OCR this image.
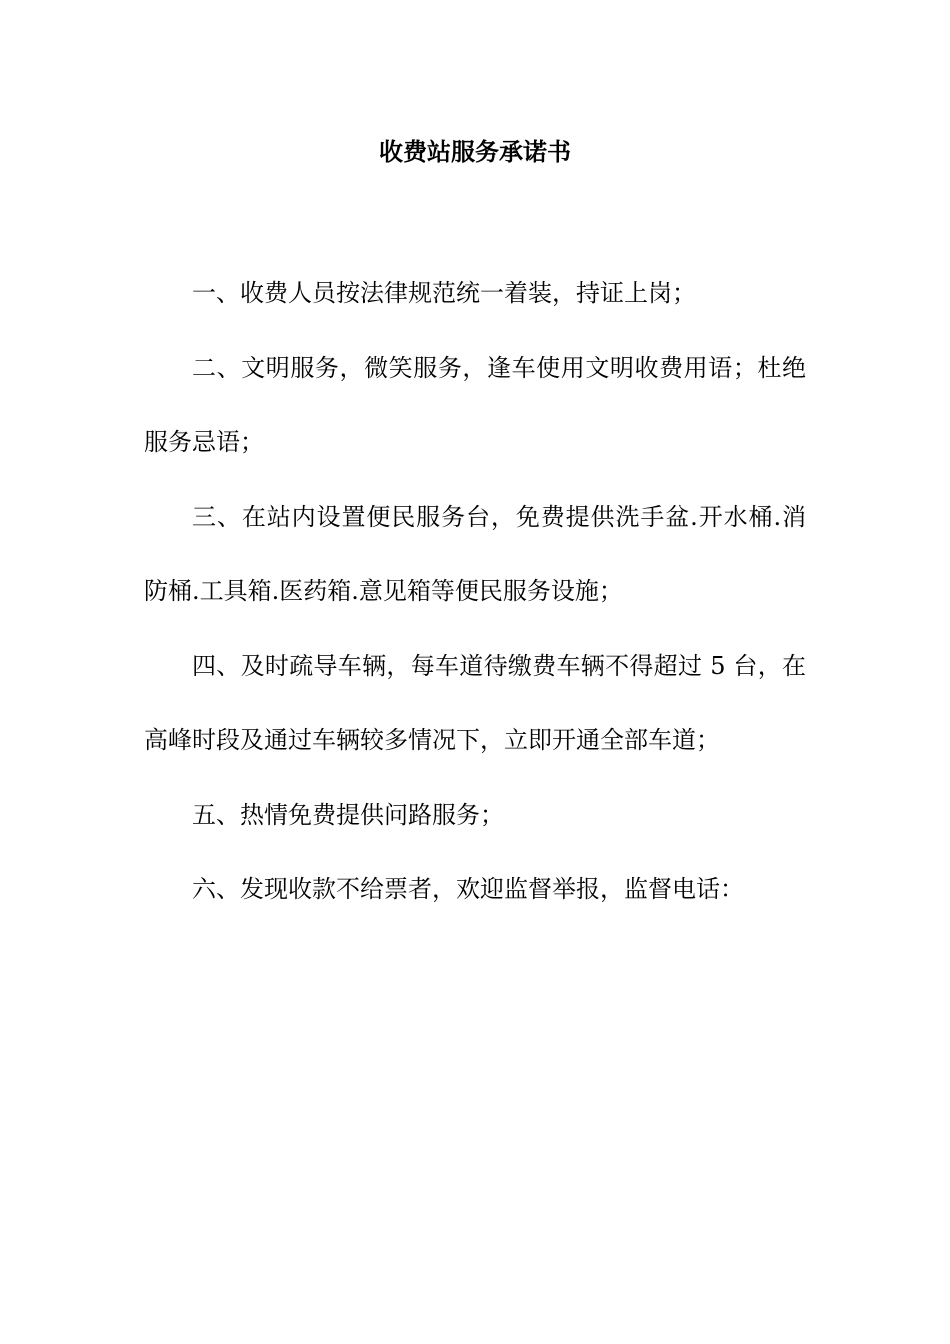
收费站服务承诺书

一、收费人员按法律规范统一着装，持证上岗；

二、文明服务，微笑服务，逢车使用文明收费用语；杜绝服务忌语；

三、在站内设置便民服务台，免费提供洗手盆.开水桶.消防桶.工具箱.医药箱.意见箱等便民服务设施；

四、及时疏导车辆，每车道待缴费车辆不得超过 5 台，在高峰时段及通过车辆较多情况下，立即开通全部车道；

五、热情免费提供问路服务；

六、发现收款不给票者，欢迎监督举报，监督电话：
